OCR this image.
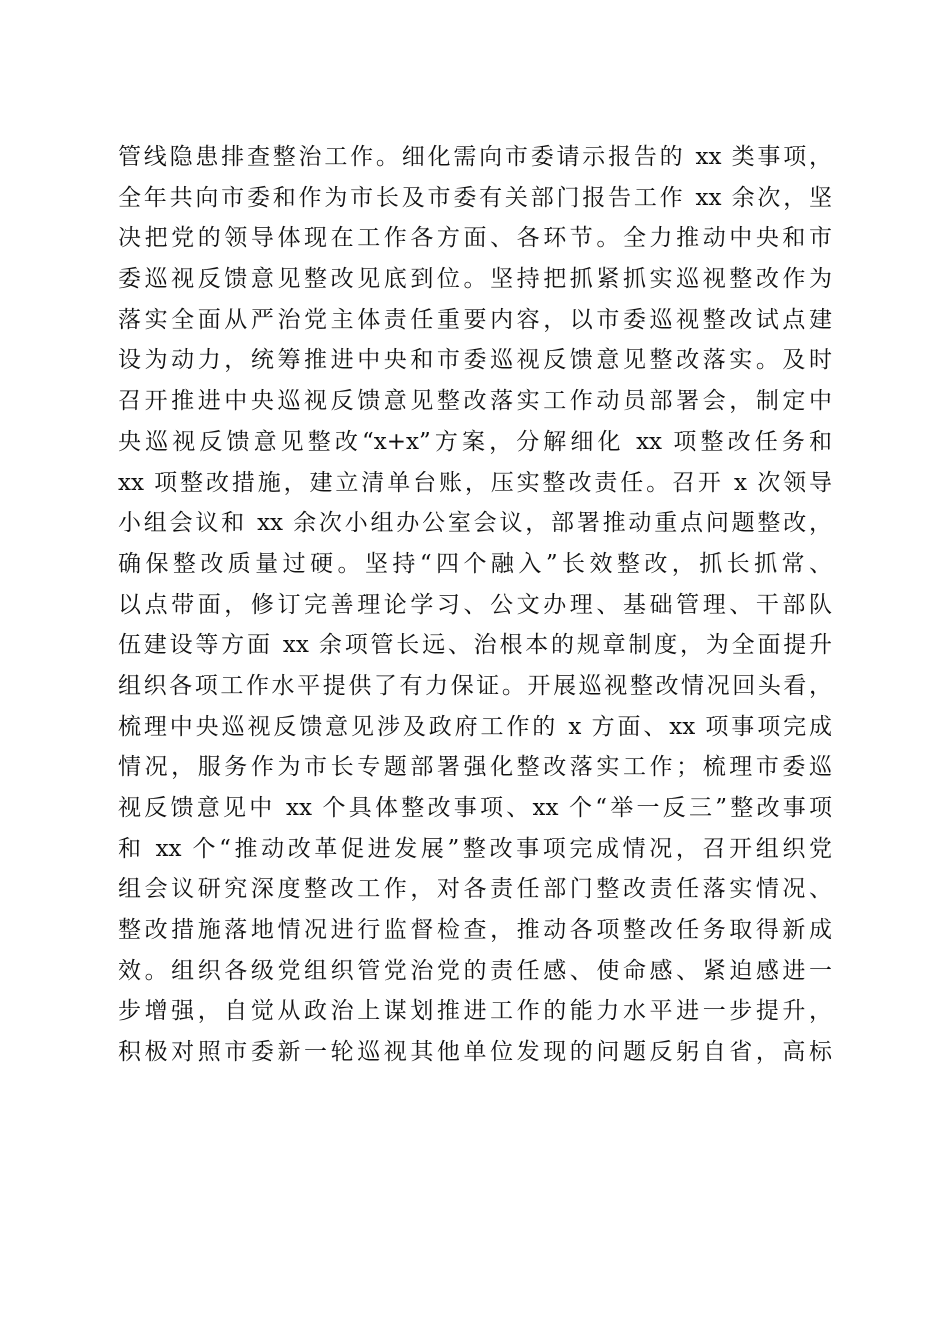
管线隐患排查整治工作。细化需向市委请示报告的 xx 类事项，
全年共向市委和作为市长及市委有关部门报告工作 xx 余次，坚
决把党的领导体现在工作各方面、各环节。全力推动中央和市
委巡视反馈意见整改见底到位。坚持把抓紧抓实巡视整改作为
落实全面从严治党主体责任重要内容，以市委巡视整改试点建
设为动力，统筹推进中央和市委巡视反馈意见整改落实。及时
召开推进中央巡视反馈意见整改落实工作动员部署会，制定中
央巡视反馈意见整改“x+x”方案，分解细化 xx 项整改任务和
xx 项整改措施，建立清单台账，压实整改责任。召开 x 次领导
小组会议和 xx 余次小组办公室会议，部署推动重点问题整改，
确保整改质量过硬。坚持“四个融入”长效整改，抓长抓常、
以点带面，修订完善理论学习、公文办理、基础管理、干部队
伍建设等方面 xx 余项管长远、治根本的规章制度，为全面提升
组织各项工作水平提供了有力保证。开展巡视整改情况回头看，
梳理中央巡视反馈意见涉及政府工作的 x 方面、xx 项事项完成
情况，服务作为市长专题部署强化整改落实工作；梳理市委巡
视反馈意见中 xx 个具体整改事项、xx 个“举一反三”整改事项
和 xx 个“推动改革促进发展”整改事项完成情况，召开组织党
组会议研究深度整改工作，对各责任部门整改责任落实情况、
整改措施落地情况进行监督检查，推动各项整改任务取得新成
效。组织各级党组织管党治党的责任感、使命感、紧迫感进一
步增强，自觉从政治上谋划推进工作的能力水平进一步提升，
积极对照市委新一轮巡视其他单位发现的问题反躬自省，高标
